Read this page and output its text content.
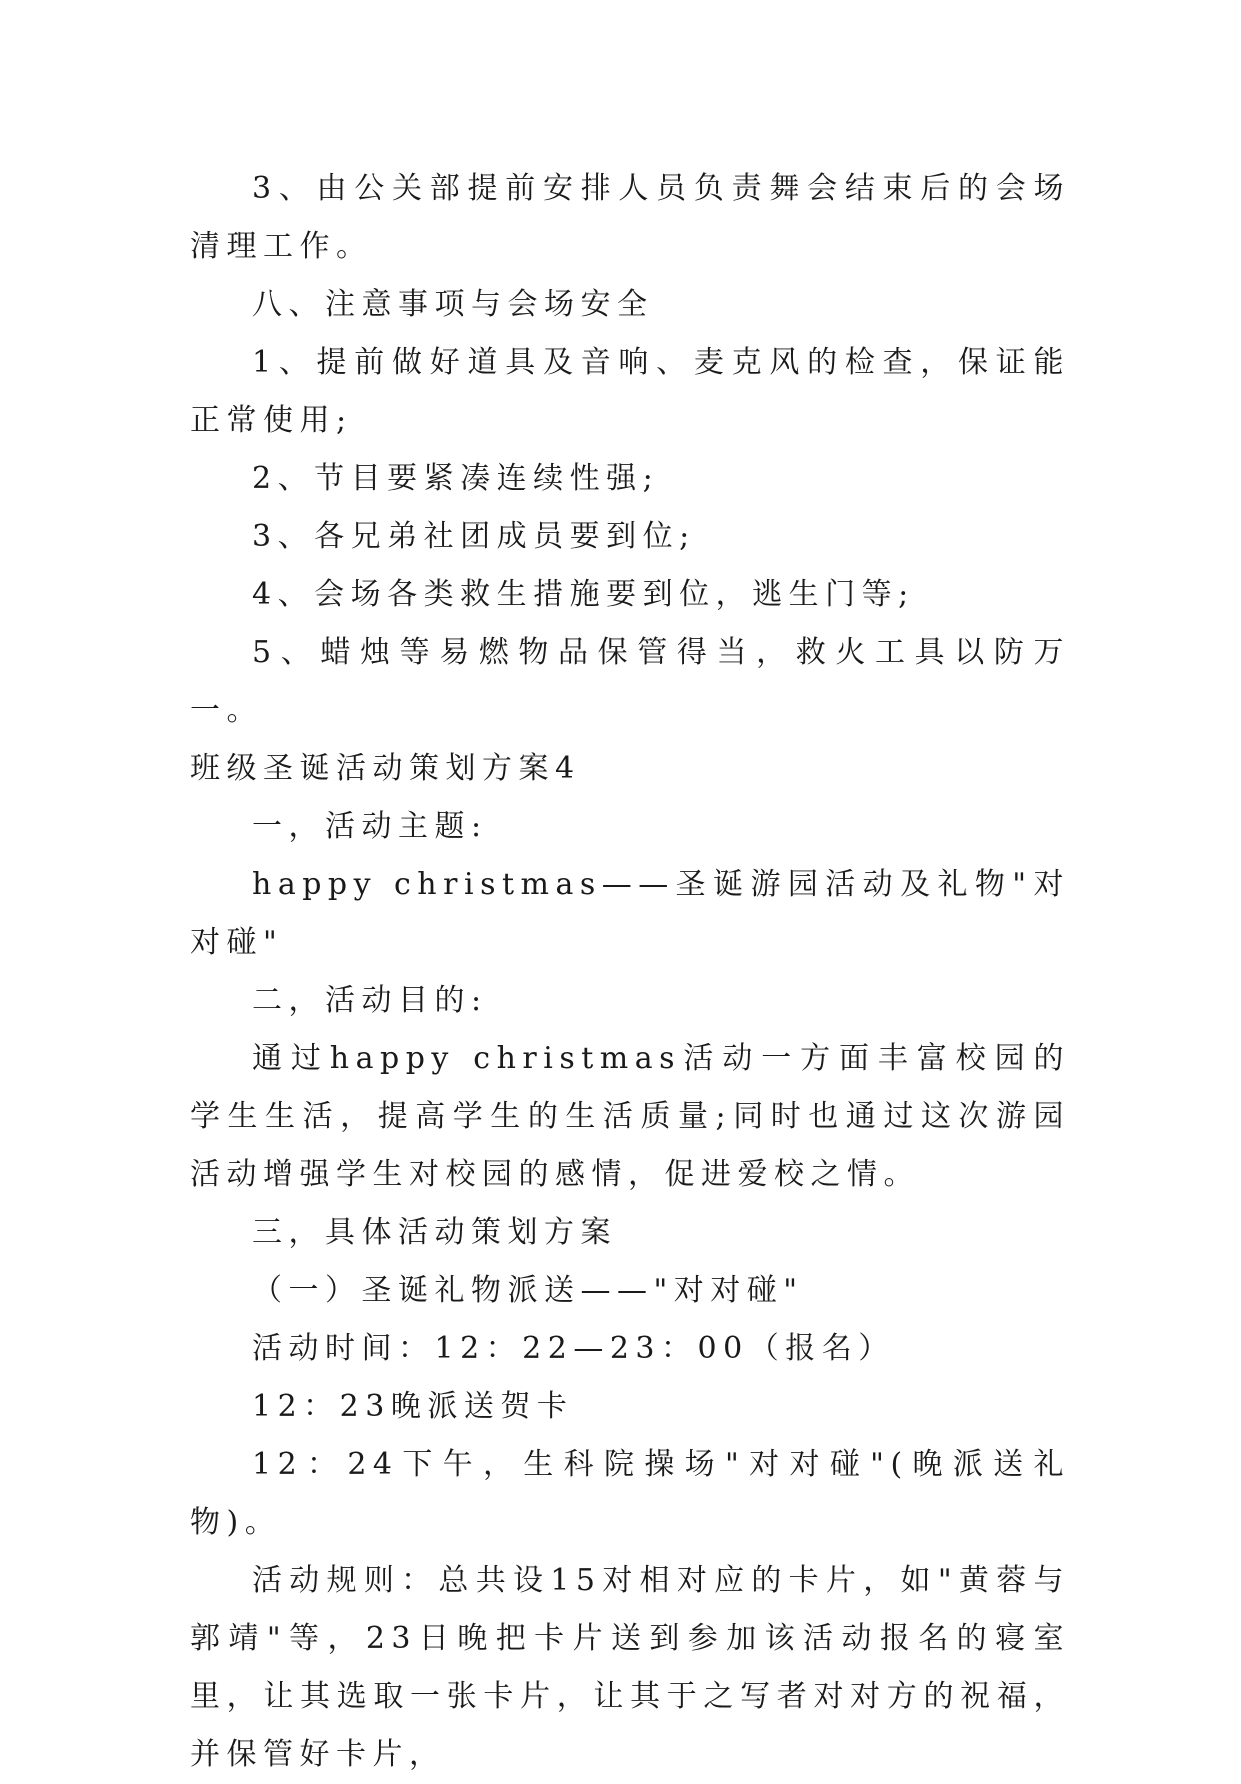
3、由公关部提前安排人员负责舞会结束后的会场清理工作。

八、注意事项与会场安全

1、提前做好道具及音响、麦克风的检查，保证能正常使用;

2、节目要紧凑连续性强;

3、各兄弟社团成员要到位;

4、会场各类救生措施要到位，逃生门等;

5、蜡烛等易燃物品保管得当，救火工具以防万一。

班级圣诞活动策划方案4

一，活动主题:

happy christmas——圣诞游园活动及礼物"对对碰"

二，活动目的:

通过happy christmas活动一方面丰富校园的学生生活，提高学生的生活质量;同时也通过这次游园活动增强学生对校园的感情，促进爱校之情。

三，具体活动策划方案

（一）圣诞礼物派送——"对对碰"

活动时间：12：22—23：00（报名）

12：23晚派送贺卡

12：24下午，生科院操场"对对碰"(晚派送礼物)。

活动规则：总共设15对相对应的卡片，如"黄蓉与郭靖"等，23日晚把卡片送到参加该活动报名的寝室里，让其选取一张卡片，让其于之写者对对方的祝福，并保管好卡片，
